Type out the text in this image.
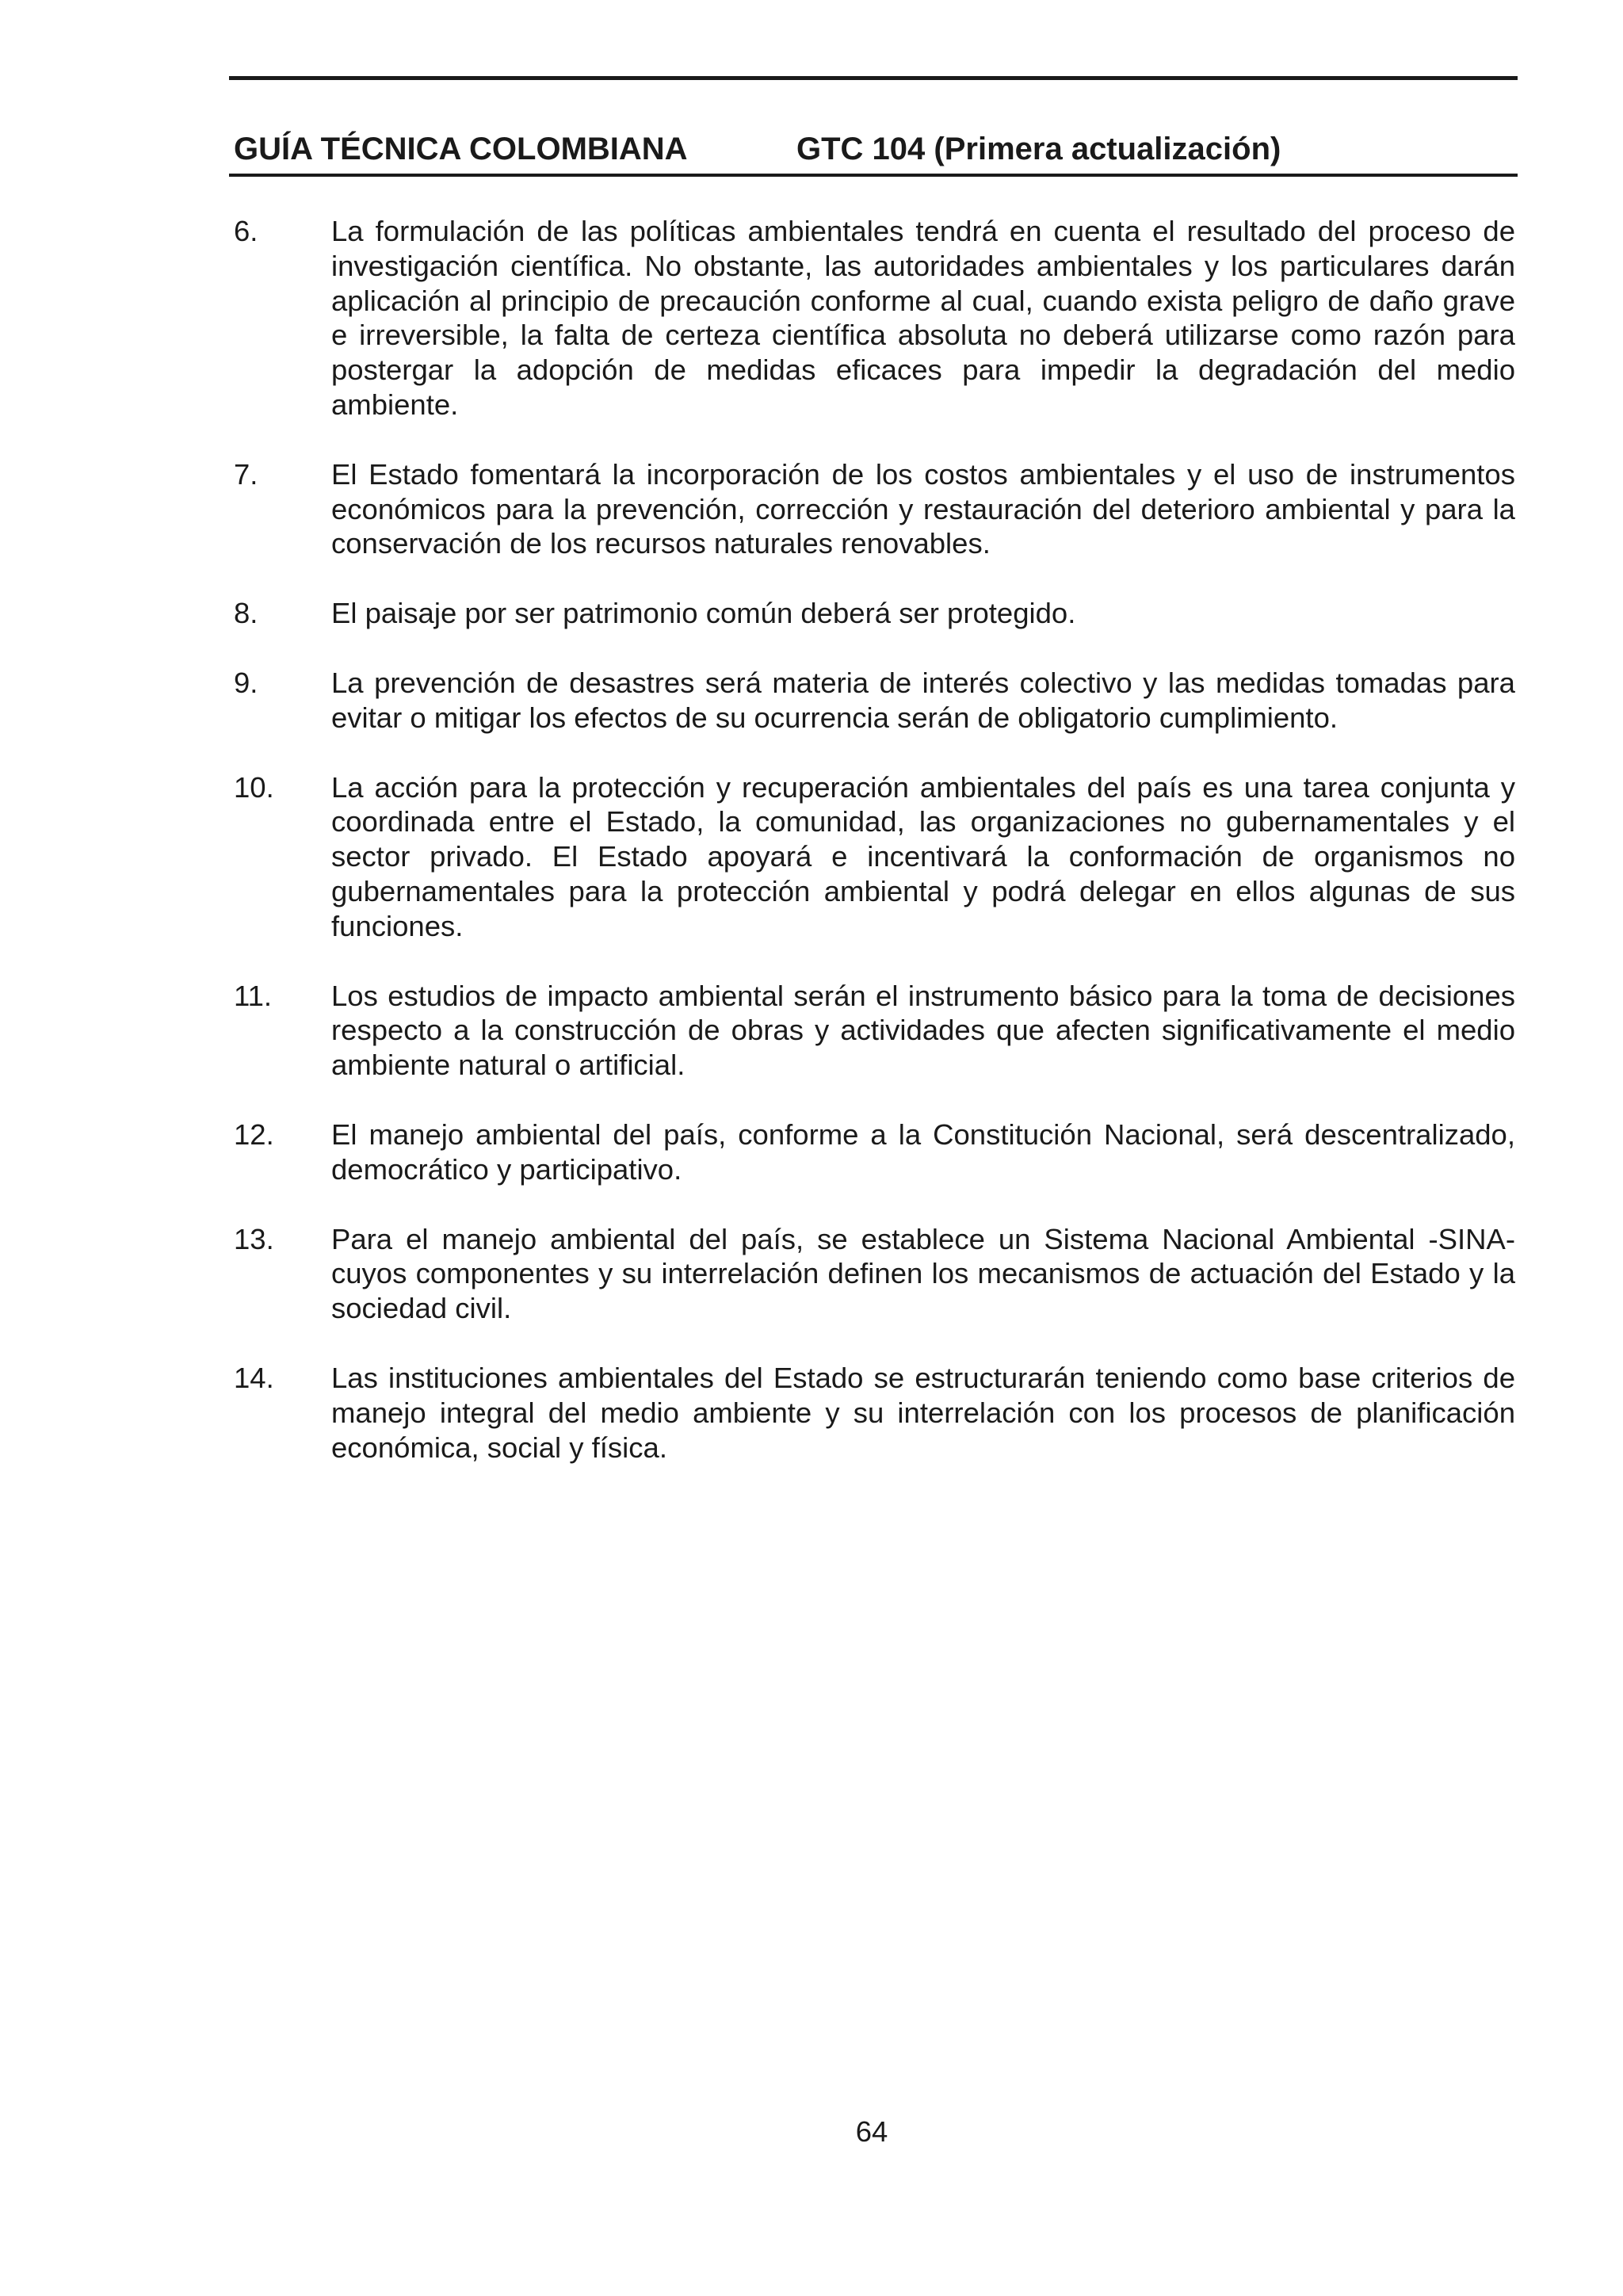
GUÍA TÉCNICA COLOMBIANA	GTC 104 (Primera actualización)
6.	La formulación de las políticas ambientales tendrá en cuenta el resultado del proceso de investigación científica. No obstante, las autoridades ambientales y los particulares darán aplicación al principio de precaución conforme al cual, cuando exista peligro de daño grave e irreversible, la falta de certeza científica absoluta no deberá utilizarse como razón para postergar la adopción de medidas eficaces para impedir la degradación del medio ambiente.
7.	El Estado fomentará la incorporación de los costos ambientales y el uso de instrumentos económicos para la prevención, corrección y restauración del deterioro ambiental y para la conservación de los recursos naturales renovables.
8.	El paisaje por ser patrimonio común deberá ser protegido.
9.	La prevención de desastres será materia de interés colectivo y las medidas tomadas para evitar o mitigar los efectos de su ocurrencia serán de obligatorio cumplimiento.
10.	La acción para la protección y recuperación ambientales del país es una tarea conjunta y coordinada entre el Estado, la comunidad, las organizaciones no gubernamentales y el sector privado. El Estado apoyará e incentivará la conformación de organismos no gubernamentales para la protección ambiental y podrá delegar en ellos algunas de sus funciones.
11.	Los estudios de impacto ambiental serán el instrumento básico para la toma de decisiones respecto a la construcción de obras y actividades que afecten significativamente el medio ambiente natural o artificial.
12.	El manejo ambiental del país, conforme a la Constitución Nacional, será descentralizado, democrático y participativo.
13.	Para el manejo ambiental del país, se establece un Sistema Nacional Ambiental -SINA- cuyos componentes y su interrelación definen los mecanismos de actuación del Estado y la sociedad civil.
14.	Las instituciones ambientales del Estado se estructurarán teniendo como base criterios de manejo integral del medio ambiente y su interrelación con los procesos de planificación económica, social y física.
64
